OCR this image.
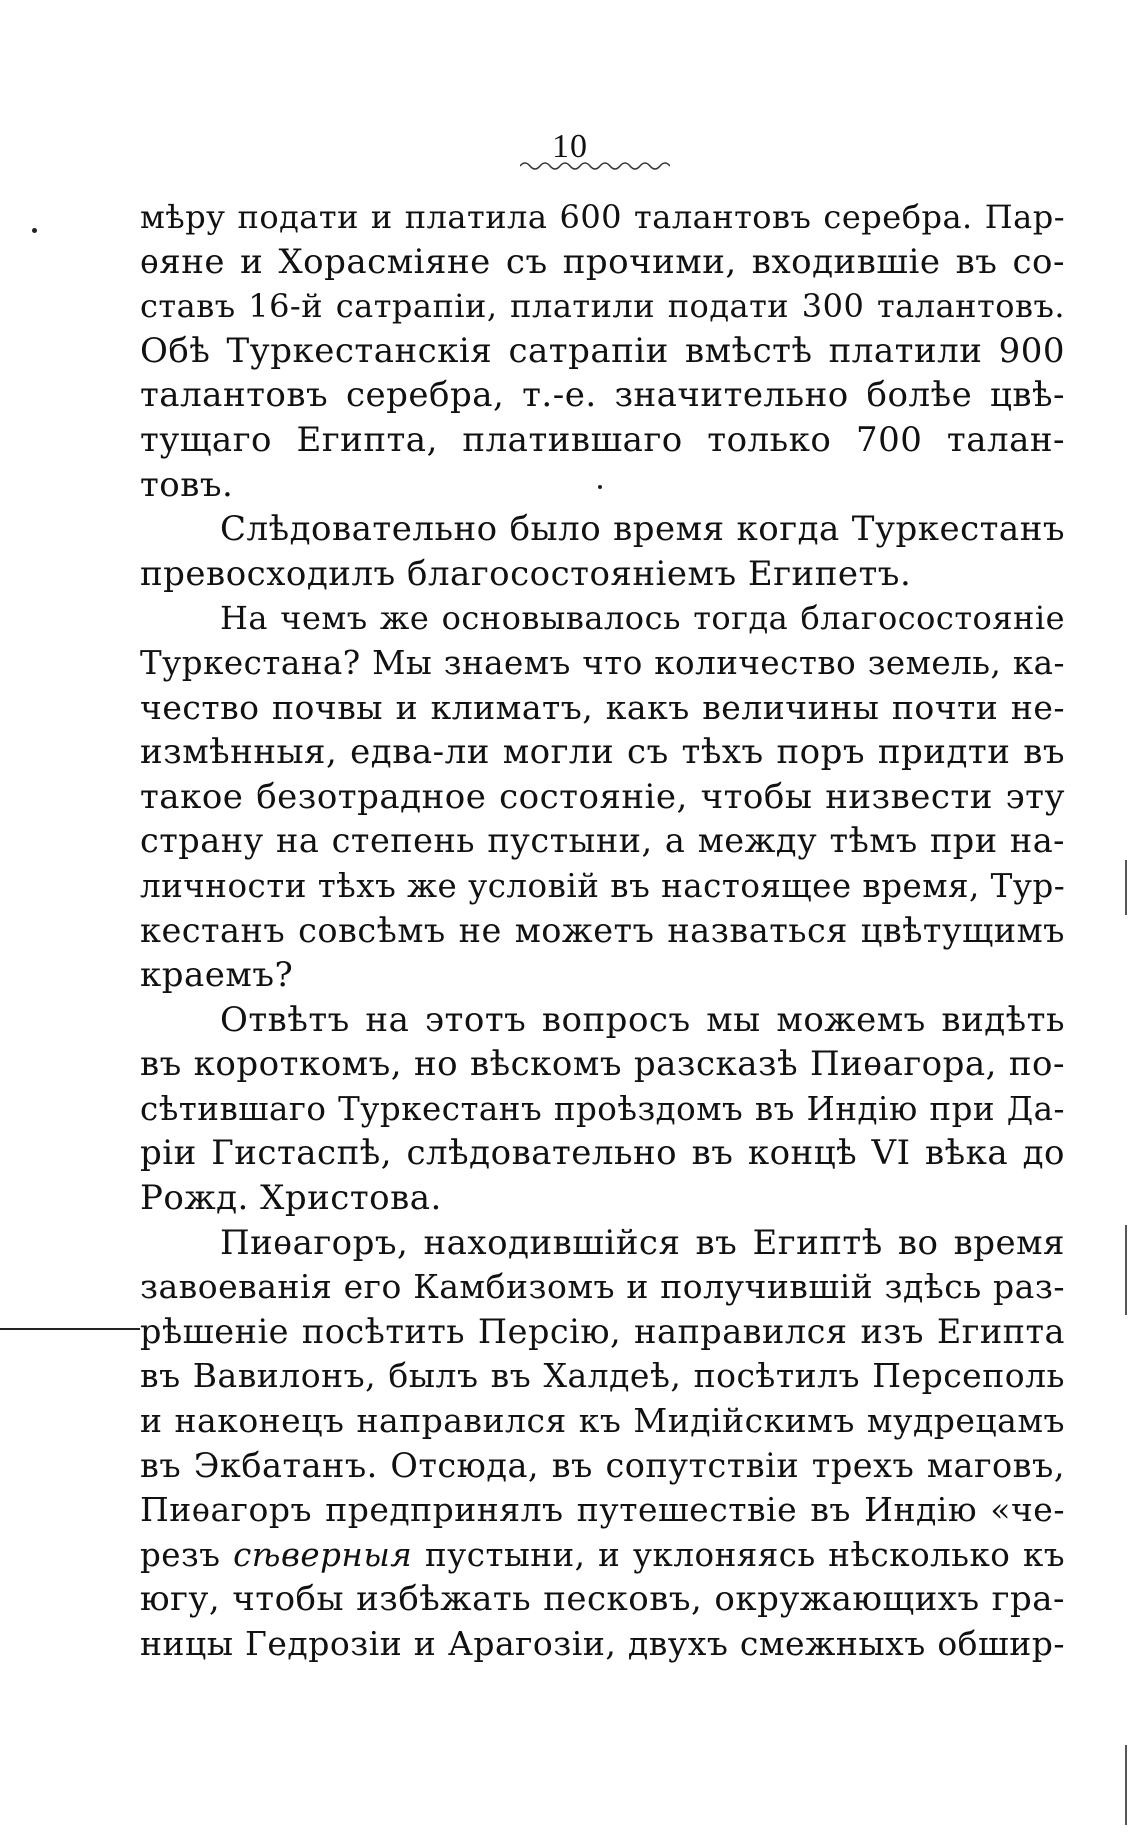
10
мѣру подати и платила 600 талантовъ серебра. Пар-
ѳяне и Хорасміяне съ прочими, входившіе въ со-
ставъ 16-й сатрапіи, платили подати 300 талантовъ.
Обѣ Туркестанскія сатрапіи вмѣстѣ платили 900
талантовъ серебра, т.-е. значительно болѣе цвѣ-
тущаго Египта, платившаго только 700 талан-
товъ.
Слѣдовательно было время когда Туркестанъ
превосходилъ благосостояніемъ Египетъ.
На чемъ же основывалось тогда благосостояніе
Туркестана? Мы знаемъ что количество земель, ка-
чество почвы и климатъ, какъ величины почти не-
измѣнныя, едва-ли могли съ тѣхъ поръ придти въ
такое безотрадное состояніе, чтобы низвести эту
страну на степень пустыни, а между тѣмъ при на-
личности тѣхъ же условій въ настоящее время, Тур-
кестанъ совсѣмъ не можетъ назваться цвѣтущимъ
краемъ?
Отвѣтъ на этотъ вопросъ мы можемъ видѣть
въ короткомъ, но вѣскомъ разсказѣ Пиѳагора, по-
сѣтившаго Туркестанъ проѣздомъ въ Индію при Да-
ріи Гистаспѣ, слѣдовательно въ концѣ VI вѣка до
Рожд. Христова.
Пиѳагоръ, находившійся въ Египтѣ во время
завоеванія его Камбизомъ и получившій здѣсь раз-
рѣшеніе посѣтить Персію, направился изъ Египта
въ Вавилонъ, былъ въ Халдеѣ, посѣтилъ Персеполь
и наконецъ направился къ Мидійскимъ мудрецамъ
въ Экбатанъ. Отсюда, въ сопутствіи трехъ маговъ,
Пиѳагоръ предпринялъ путешествіе въ Индію «че-
резъ сѣверныя пустыни, и уклоняясь нѣсколько къ
югу, чтобы избѣжать песковъ, окружающихъ гра-
ницы Гедрозіи и Арагозіи, двухъ смежныхъ обшир-
